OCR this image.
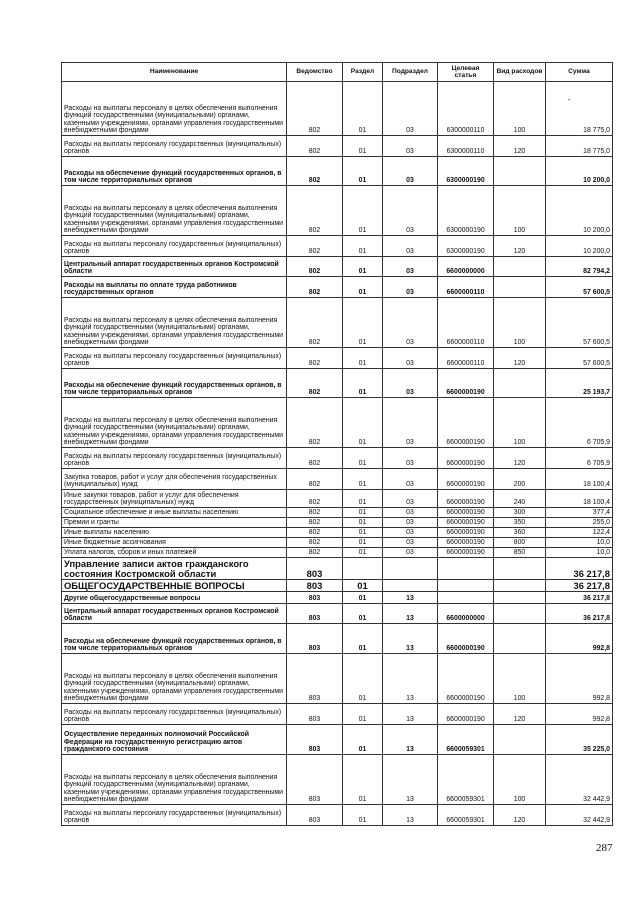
Наименование	Ведомство	Раздел	Подраздел	Целевая статья	Вид расходов	Сумма
Расходы на выплаты персоналу в целях обеспечения выполнения функций государственными (муниципальными) органами, казенными учреждениями, органами управления государственными внебюджетными фондами	802	01	03	6300000110	100	18 775,0
Расходы на выплаты персоналу государственных (муниципальных) органов	802	01	03	6300000110	120	18 775,0
Расходы на обеспечение функций государственных органов, в том числе территориальных органов	802	01	03	6300000190		10 200,0
Расходы на выплаты персоналу в целях обеспечения выполнения функций государственными (муниципальными) органами, казенными учреждениями, органами управления государственными внебюджетными фондами	802	01	03	6300000190	100	10 200,0
Расходы на выплаты персоналу государственных (муниципальных) органов	802	01	03	6300000190	120	10 200,0
Центральный аппарат государственных органов Костромской области	802	01	03	6600000000		82 794,2
Расходы на выплаты по оплате труда работников государственных органов	802	01	03	6600000110		57 600,5
Расходы на выплаты персоналу в целях обеспечения выполнения функций государственными (муниципальными) органами, казенными учреждениями, органами управления государственными внебюджетными фондами	802	01	03	6600000110	100	57 600,5
Расходы на выплаты персоналу государственных (муниципальных) органов	802	01	03	6600000110	120	57 600,5
Расходы на обеспечение функций государственных органов, в том числе территориальных органов	802	01	03	6600000190		25 193,7
Расходы на выплаты персоналу в целях обеспечения выполнения функций государственными (муниципальными) органами, казенными учреждениями, органами управления государственными внебюджетными фондами	802	01	03	6600000190	100	6 705,9
Расходы на выплаты персоналу государственных (муниципальных) органов	802	01	03	6600000190	120	6 705,9
Закупка товаров, работ и услуг для обеспечения государственных (муниципальных) нужд	802	01	03	6600000190	200	18 100,4
Иные закупки товаров, работ и услуг для обеспечения государственных (муниципальных) нужд	802	01	03	6600000190	240	18 100,4
Социальное обеспечение и иные выплаты населению	802	01	03	6600000190	300	377,4
Премии и гранты	802	01	03	6600000190	350	255,0
Иные выплаты населению	802	01	03	6600000190	360	122,4
Иные бюджетные ассигнования	802	01	03	6600000190	800	10,0
Уплата налогов, сборов и иных платежей	802	01	03	6600000190	850	10,0
Управление записи актов гражданского состояния Костромской области	803					36 217,8
ОБЩЕГОСУДАРСТВЕННЫЕ ВОПРОСЫ	803	01				36 217,8
Другие общегосударственные вопросы	803	01	13			36 217,8
Центральный аппарат государственных органов Костромской области	803	01	13	6600000000		36 217,8
Расходы на обеспечение функций государственных органов, в том числе территориальных органов	803	01	13	6600000190		992,8
Расходы на выплаты персоналу в целях обеспечения выполнения функций государственными (муниципальными) органами, казенными учреждениями, органами управления государственными внебюджетными фондами	803	01	13	6600000190	100	992,8
Расходы на выплаты персоналу государственных (муниципальных) органов	803	01	13	6600000190	120	992,8
Осуществление переданных полномочий Российской Федерации на государственную регистрацию актов гражданского состояния	803	01	13	6600059301		35 225,0
Расходы на выплаты персоналу в целях обеспечения выполнения функций государственными (муниципальными) органами, казенными учреждениями, органами управления государственными внебюджетными фондами	803	01	13	6600059301	100	32 442,9
Расходы на выплаты персоналу государственных (муниципальных) органов	803	01	13	6600059301	120	32 442,9
-
287
